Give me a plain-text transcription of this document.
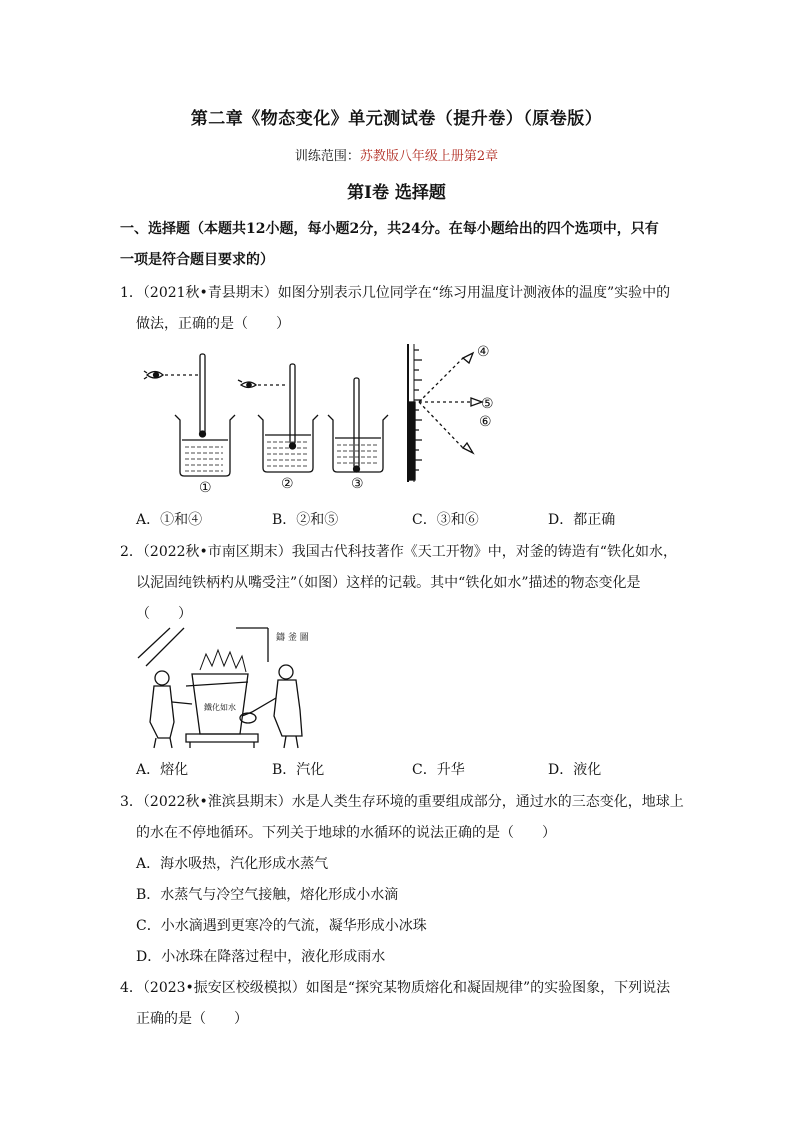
第二章《物态变化》单元测试卷（提升卷）（原卷版）
训练范围：苏教版八年级上册第2章
第Ⅰ卷 选择题
一、选择题（本题共12小题，每小题2分，共24分。在每小题给出的四个选项中，只有
一项是符合题目要求的）
1．（2021秋•青县期末）如图分别表示几位同学在“练习用温度计测液体的温度”实验中的
做法，正确的是（　　）
①	②	③
④
⑤
⑥
A．①和④	B．②和⑤	C．③和⑥	D．都正确
2．（2022秋•市南区期末）我国古代科技著作《天工开物》中，对釜的铸造有“铁化如水，
以泥固纯铁柄杓从嘴受注”（如图）这样的记载。其中“铁化如水”描述的物态变化是
（　　）
鑄 釜 圖
鐵化如水
A．熔化	B．汽化	C．升华	D．液化
3．（2022秋•淮滨县期末）水是人类生存环境的重要组成部分，通过水的三态变化，地球上
的水在不停地循环。下列关于地球的水循环的说法正确的是（　　）
A．海水吸热，汽化形成水蒸气
B．水蒸气与冷空气接触，熔化形成小水滴
C．小水滴遇到更寒冷的气流，凝华形成小冰珠
D．小冰珠在降落过程中，液化形成雨水
4．（2023•振安区校级模拟）如图是“探究某物质熔化和凝固规律”的实验图象，下列说法
正确的是（　　）
